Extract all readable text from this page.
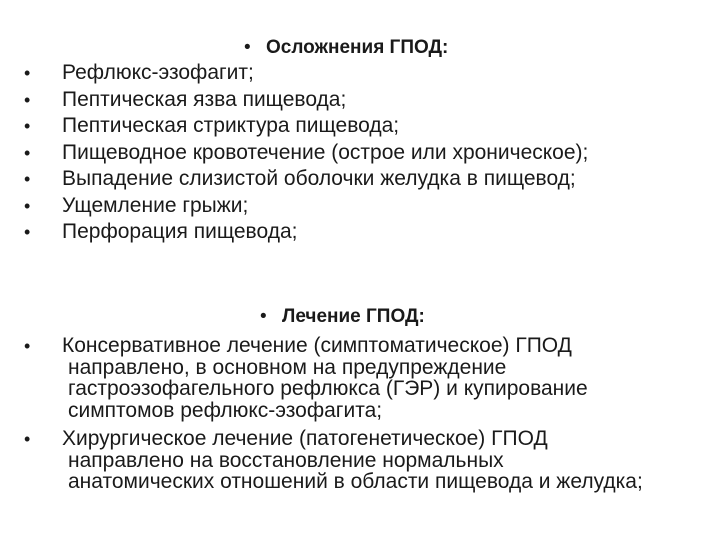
• Осложнения ГПОД:
•	Рефлюкс-эзофагит;
•	Пептическая язва пищевода;
•	Пептическая стриктура пищевода;
•	Пищеводное кровотечение (острое или хроническое);
•	Выпадение слизистой оболочки желудка в пищевод;
•	Ущемление грыжи;
•	Перфорация пищевода;
• Лечение ГПОД:
•	Консервативное лечение (симптоматическое) ГПОД
направлено, в основном на предупреждение
гастроэзофагельного рефлюкса (ГЭР) и купирование
симптомов рефлюкс-эзофагита;
•	Хирургическое лечение (патогенетическое) ГПОД
направлено на восстановление нормальных
анатомических отношений в области пищевода и желудка;
